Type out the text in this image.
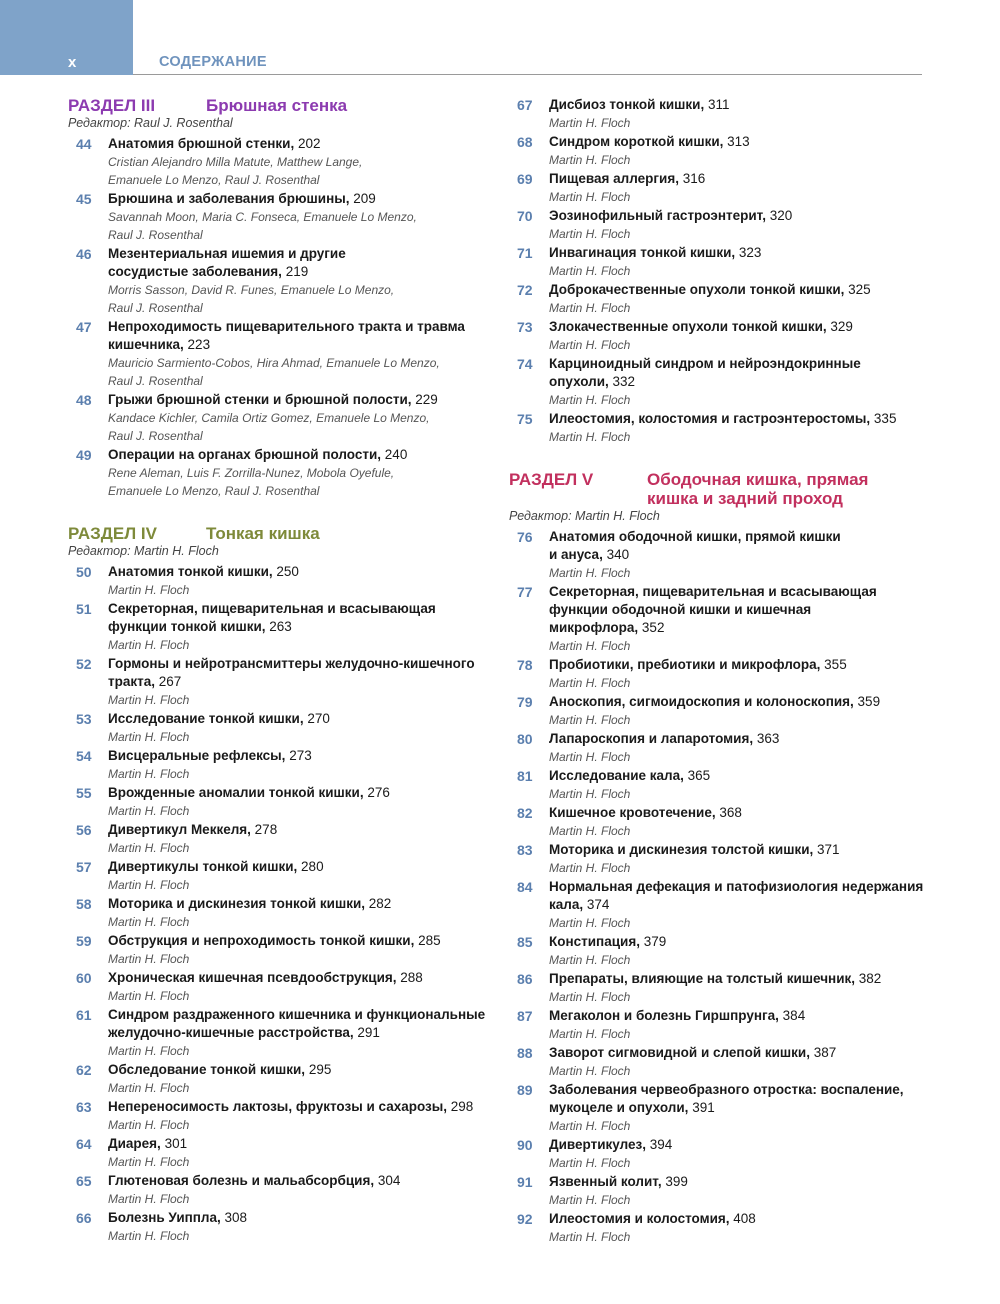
x	СОДЕРЖАНИЕ
РАЗДЕЛ III	Брюшная стенка
Редактор: Raul J. Rosenthal
44 Анатомия брюшной стенки, 202
Cristian Alejandro Milla Matute, Matthew Lange,
Emanuele Lo Menzo, Raul J. Rosenthal
45 Брюшина и заболевания брюшины, 209
Savannah Moon, Maria C. Fonseca, Emanuele Lo Menzo,
Raul J. Rosenthal
46 Мезентериальная ишемия и другие
сосудистые заболевания, 219
Morris Sasson, David R. Funes, Emanuele Lo Menzo,
Raul J. Rosenthal
47 Непроходимость пищеварительного тракта и травма
кишечника, 223
Mauricio Sarmiento-Cobos, Hira Ahmad, Emanuele Lo Menzo,
Raul J. Rosenthal
48 Грыжи брюшной стенки и брюшной полости, 229
Kandace Kichler, Camila Ortiz Gomez, Emanuele Lo Menzo,
Raul J. Rosenthal
49 Операции на органах брюшной полости, 240
Rene Aleman, Luis F. Zorrilla-Nunez, Mobola Oyefule,
Emanuele Lo Menzo, Raul J. Rosenthal
РАЗДЕЛ IV	Тонкая кишка
Редактор: Martin H. Floch
50 Анатомия тонкой кишки, 250
Martin H. Floch
51 Секреторная, пищеварительная и всасывающая
функции тонкой кишки, 263
Martin H. Floch
52 Гормоны и нейротрансмиттеры желудочно-кишечного
тракта, 267
Martin H. Floch
53 Исследование тонкой кишки, 270
Martin H. Floch
54 Висцеральные рефлексы, 273
Martin H. Floch
55 Врожденные аномалии тонкой кишки, 276
Martin H. Floch
56 Дивертикул Меккеля, 278
Martin H. Floch
57 Дивертикулы тонкой кишки, 280
Martin H. Floch
58 Моторика и дискинезия тонкой кишки, 282
Martin H. Floch
59 Обструкция и непроходимость тонкой кишки, 285
Martin H. Floch
60 Хроническая кишечная псевдообструкция, 288
Martin H. Floch
61 Синдром раздраженного кишечника и функциональные
желудочно-кишечные расстройства, 291
Martin H. Floch
62 Обследование тонкой кишки, 295
Martin H. Floch
63 Непереносимость лактозы, фруктозы и сахарозы, 298
Martin H. Floch
64 Диарея, 301
Martin H. Floch
65 Глютеновая болезнь и мальабсорбция, 304
Martin H. Floch
66 Болезнь Уиппла, 308
Martin H. Floch
67 Дисбиоз тонкой кишки, 311
Martin H. Floch
68 Синдром короткой кишки, 313
Martin H. Floch
69 Пищевая аллергия, 316
Martin H. Floch
70 Эозинофильный гастроэнтерит, 320
Martin H. Floch
71 Инвагинация тонкой кишки, 323
Martin H. Floch
72 Доброкачественные опухоли тонкой кишки, 325
Martin H. Floch
73 Злокачественные опухоли тонкой кишки, 329
Martin H. Floch
74 Карциноидный синдром и нейроэндокринные
опухоли, 332
Martin H. Floch
75 Илеостомия, колостомия и гастроэнтеростомы, 335
Martin H. Floch
РАЗДЕЛ V	Ободочная кишка, прямая
кишка и задний проход
Редактор: Martin H. Floch
76 Анатомия ободочной кишки, прямой кишки
и ануса, 340
Martin H. Floch
77 Секреторная, пищеварительная и всасывающая
функции ободочной кишки и кишечная
микрофлора, 352
Martin H. Floch
78 Пробиотики, пребиотики и микрофлора, 355
Martin H. Floch
79 Аноскопия, сигмоидоскопия и колоноскопия, 359
Martin H. Floch
80 Лапароскопия и лапаротомия, 363
Martin H. Floch
81 Исследование кала, 365
Martin H. Floch
82 Кишечное кровотечение, 368
Martin H. Floch
83 Моторика и дискинезия толстой кишки, 371
Martin H. Floch
84 Нормальная дефекация и патофизиология недержания
кала, 374
Martin H. Floch
85 Констипация, 379
Martin H. Floch
86 Препараты, влияющие на толстый кишечник, 382
Martin H. Floch
87 Мегаколон и болезнь Гиршпрунга, 384
Martin H. Floch
88 Заворот сигмовидной и слепой кишки, 387
Martin H. Floch
89 Заболевания червеобразного отростка: воспаление,
мукоцеле и опухоли, 391
Martin H. Floch
90 Дивертикулез, 394
Martin H. Floch
91 Язвенный колит, 399
Martin H. Floch
92 Илеостомия и колостомия, 408
Martin H. Floch
